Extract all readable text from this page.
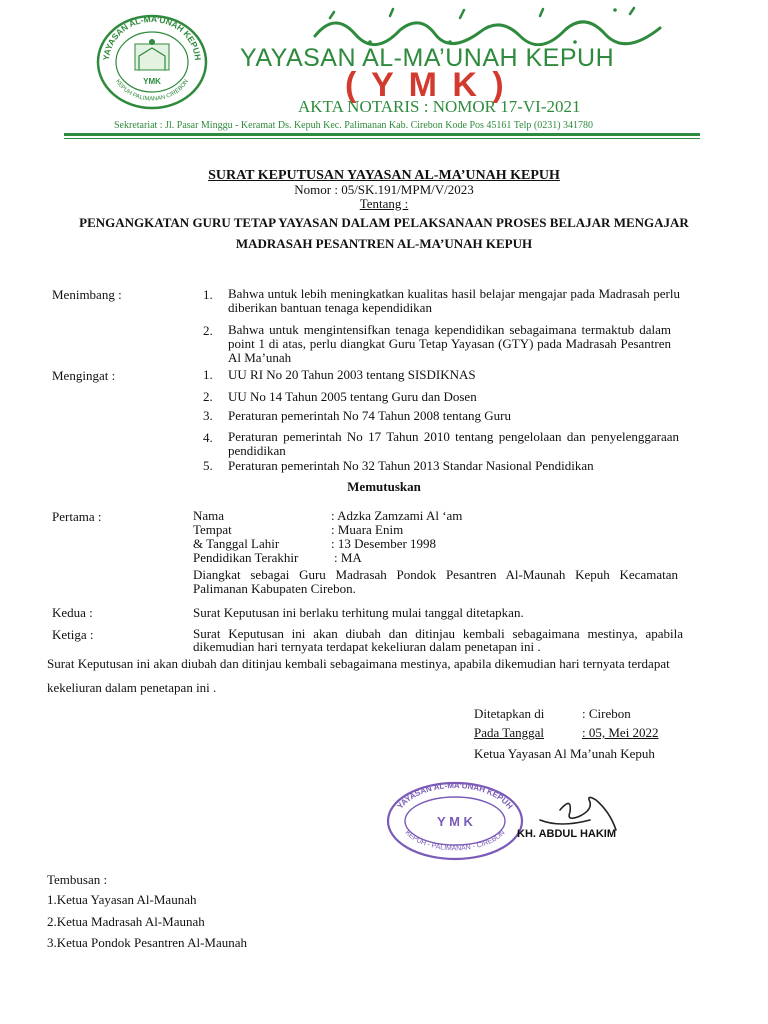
YAYASAN AL-MA’UNAH KEPUH
KEPUH PALIMANAN CIREBON
YMK
YAYASAN AL-MA’UNAH KEPUH
( Y M K )
AKTA NOTARIS : NOMOR 17-VI-2021
Sekretariat : Jl. Pasar Minggu - Keramat Ds. Kepuh Kec. Palimanan Kab. Cirebon Kode Pos 45161 Telp (0231) 341780
SURAT KEPUTUSAN YAYASAN AL-MA’UNAH KEPUH
Nomor : 05/SK.191/MPM/V/2023
Tentang :
PENGANGKATAN GURU TETAP YAYASAN DALAM PELAKSANAAN PROSES BELAJAR MENGAJAR
MADRASAH PESANTREN AL-MA’UNAH KEPUH
Menimbang :	1. Bahwa untuk lebih meningkatkan kualitas hasil belajar mengajar pada Madrasah perlu diberikan bantuan tenaga kependidikan
2. Bahwa untuk mengintensifkan tenaga kependidikan sebagaimana termaktub dalam point 1 di atas, perlu diangkat Guru Tetap Yayasan (GTY) pada Madrasah Pesantren Al Ma’unah
Mengingat :	1. UU RI No 20 Tahun 2003 tentang SISDIKNAS
2. UU No 14 Tahun 2005 tentang Guru dan Dosen
3. Peraturan pemerintah No 74 Tahun 2008 tentang Guru
4. Peraturan pemerintah No 17 Tahun 2010 tentang pengelolaan dan penyelenggaraan pendidikan
5. Peraturan pemerintah No 32 Tahun 2013 Standar Nasional Pendidikan
Memutuskan
Pertama :	Nama	: Adzka Zamzami Al ‘am
Tempat	: Muara Enim
& Tanggal Lahir	: 13 Desember 1998
Pendidikan Terakhir	: MA
Diangkat sebagai Guru Madrasah Pondok Pesantren Al-Maunah Kepuh Kecamatan Palimanan Kabupaten Cirebon.
Kedua :	Surat Keputusan ini berlaku terhitung mulai tanggal ditetapkan.
Ketiga :	Surat Keputusan ini akan diubah dan ditinjau kembali sebagaimana mestinya, apabila dikemudian hari ternyata terdapat kekeliuran dalam penetapan ini .
Surat Keputusan ini akan diubah dan ditinjau kembali sebagaimana mestinya, apabila dikemudian hari ternyata terdapat
kekeliuran dalam penetapan ini .
Ditetapkan di	: Cirebon
Pada Tanggal	: 05, Mei 2022
Ketua Yayasan Al Ma’unah Kepuh
YAYASAN AL-MA’UNAH KEPUH
KEPUH - PALIMANAN - CIREBON
Y M K
KH. ABDUL HAKIM
Tembusan :
1.Ketua Yayasan Al-Maunah
2.Ketua Madrasah Al-Maunah
3.Ketua Pondok Pesantren Al-Maunah
